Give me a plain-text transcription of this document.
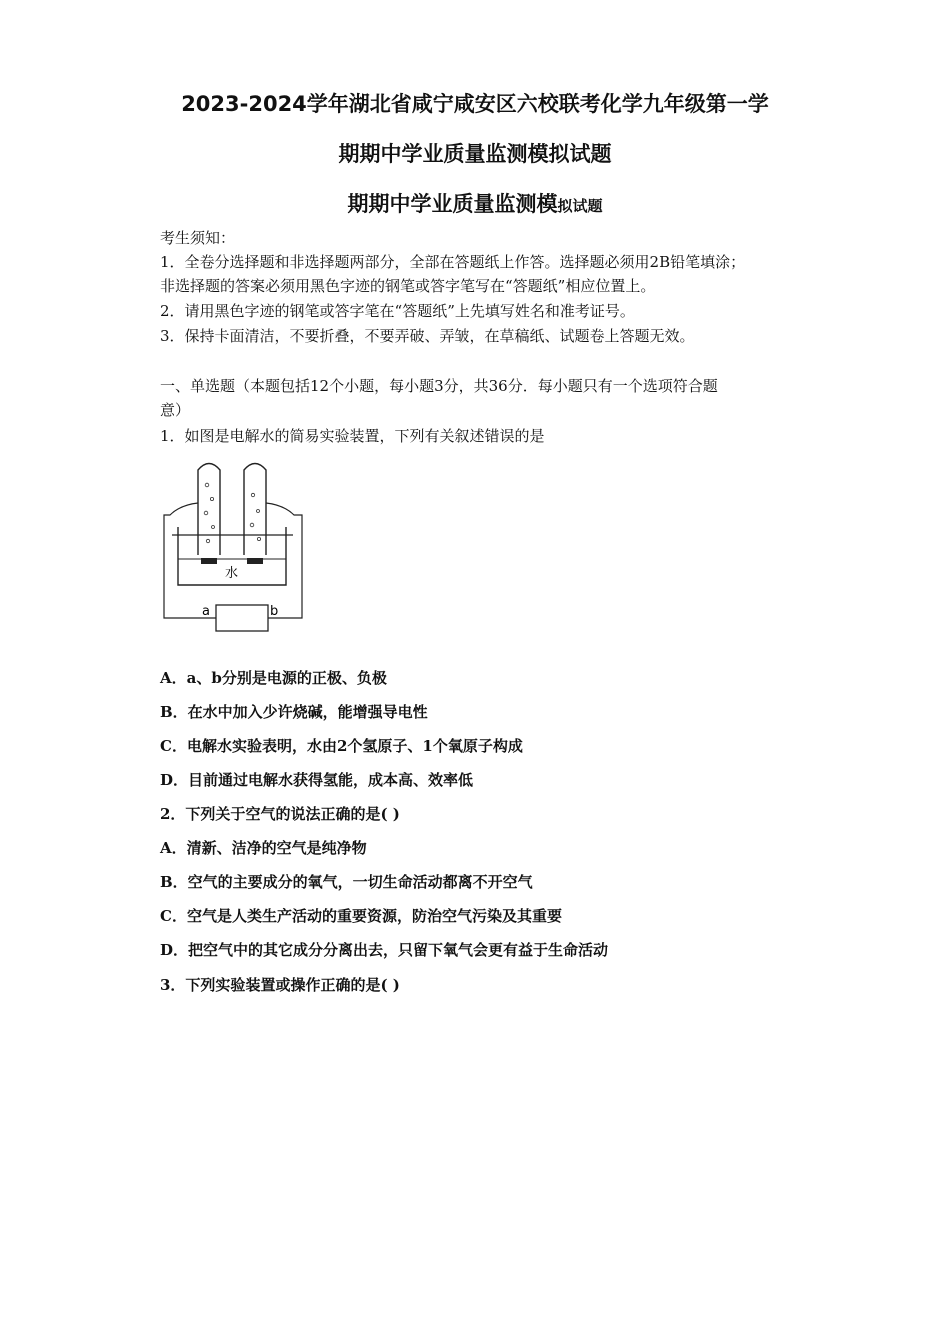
2023-2024学年湖北省咸宁咸安区六校联考化学九年级第一学
期期中学业质量监测模拟试题
期期中学业质量监测模拟试题
考生须知：
1．全卷分选择题和非选择题两部分，全部在答题纸上作答。选择题必须用2B铅笔填涂；
非选择题的答案必须用黑色字迹的钢笔或答字笔写在“答题纸”相应位置上。
2．请用黑色字迹的钢笔或答字笔在“答题纸”上先填写姓名和准考证号。
3．保持卡面清洁，不要折叠，不要弄破、弄皱，在草稿纸、试题卷上答题无效。
一、单选题（本题包括12个小题，每小题3分，共36分．每小题只有一个选项符合题
意）
1．如图是电解水的简易实验装置，下列有关叙述错误的是
水
a	b
A．a、b分别是电源的正极、负极
B．在水中加入少许烧碱，能增强导电性
C．电解水实验表明，水由2个氢原子、1个氧原子构成
D．目前通过电解水获得氢能，成本高、效率低
2．下列关于空气的说法正确的是( )
A．清新、洁净的空气是纯净物
B．空气的主要成分的氧气，一切生命活动都离不开空气
C．空气是人类生产活动的重要资源，防治空气污染及其重要
D．把空气中的其它成分分离出去，只留下氧气会更有益于生命活动
3．下列实验装置或操作正确的是( )
